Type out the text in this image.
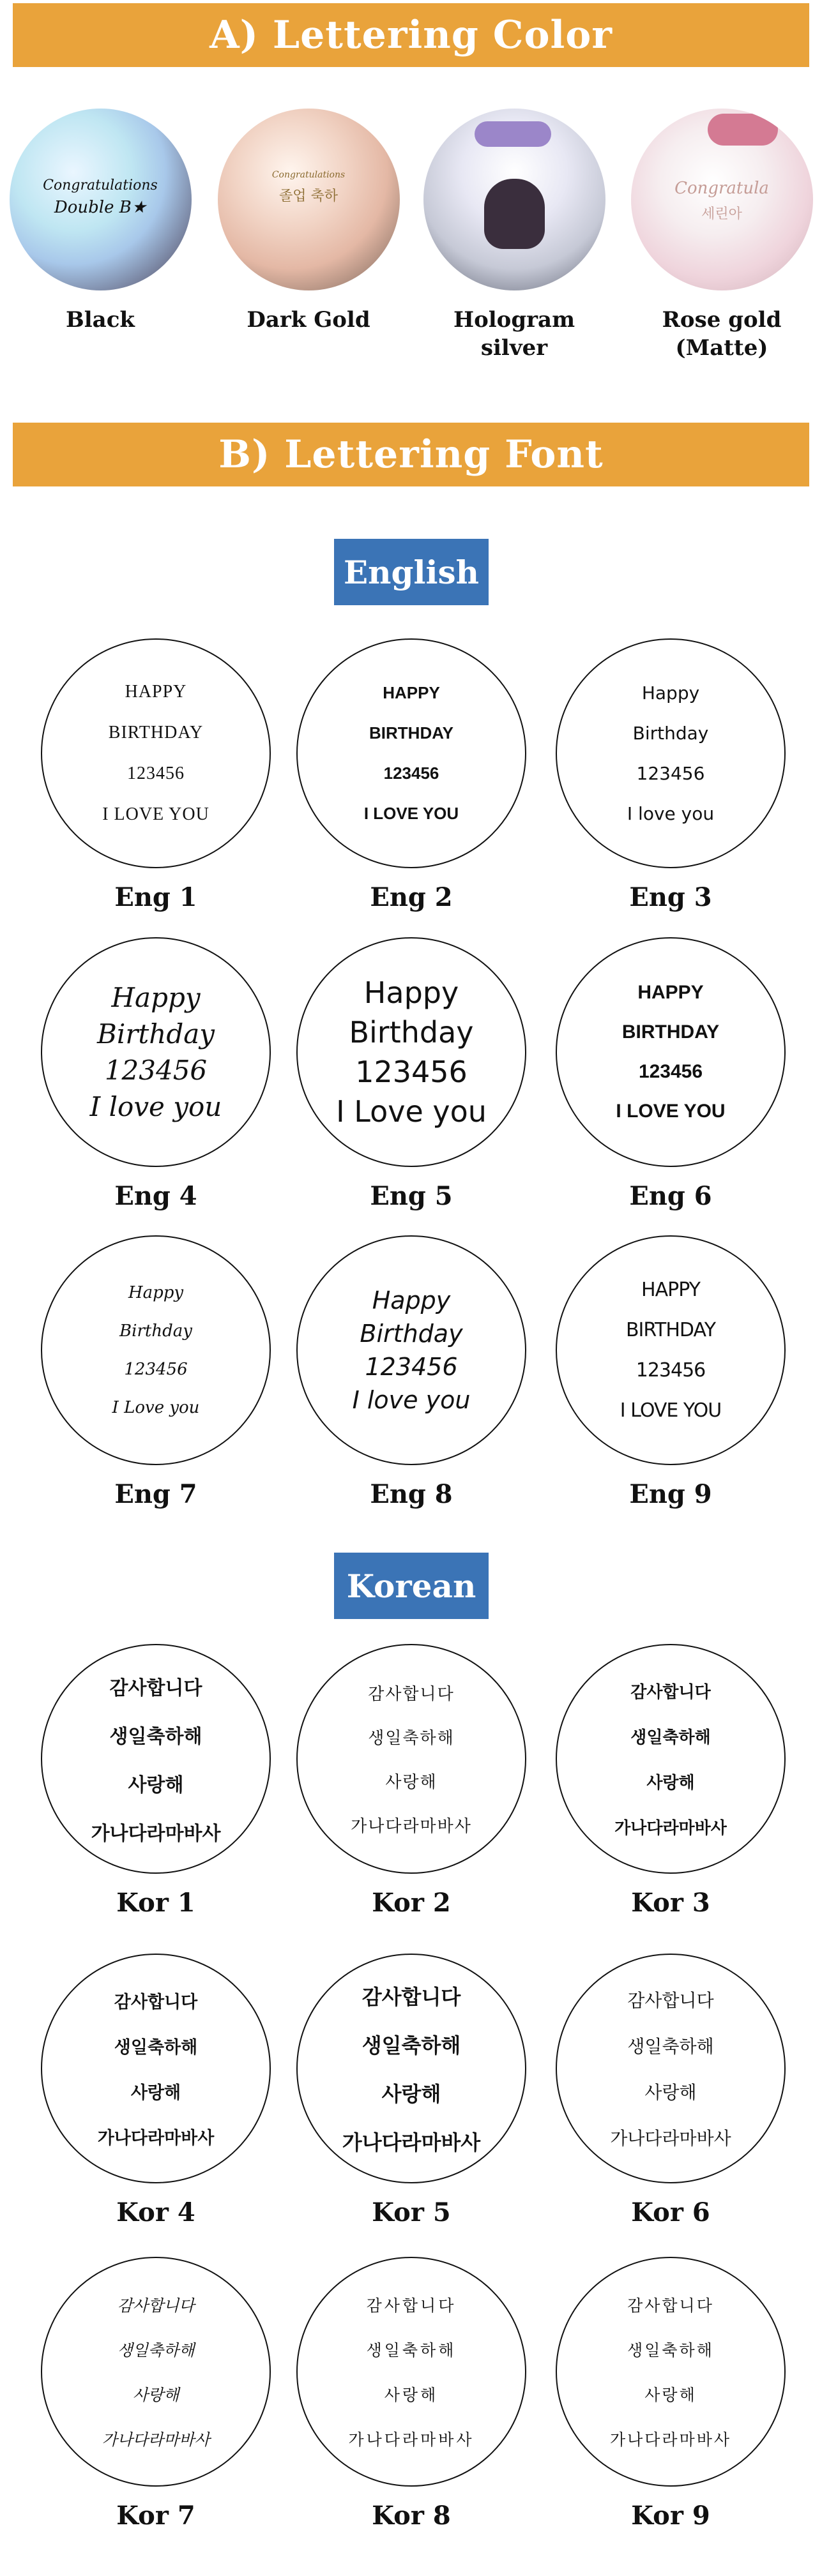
A) Lettering Color
Congratulations
Double B★
Black
Congratulations
졸업 축하
Dark Gold	Hologram
silver
Congratula
세린아
Rose gold
(Matte)
B) Lettering Font
English
HAPPY
BIRTHDAY
123456
I LOVE YOU
Eng 1
HAPPY
BIRTHDAY
123456
I LOVE YOU
Eng 2
Happy
Birthday
123456
I love you
Eng 3
Happy
Birthday
123456
I love you
Eng 4
Happy
Birthday
123456
I Love you
Eng 5
HAPPY
BIRTHDAY
123456
I LOVE YOU
Eng 6
Happy
Birthday
123456
I Love you
Eng 7
Happy
Birthday
123456
I love you
Eng 8
HAPPY
BIRTHDAY
123456
I LOVE YOU
Eng 9
Korean
감사합니다
생일축하해
사랑해
가나다라마바사
Kor 1
감사합니다
생일축하해
사랑해
가나다라마바사
Kor 2
감사합니다
생일축하해
사랑해
가나다라마바사
Kor 3
감사합니다
생일축하해
사랑해
가나다라마바사
Kor 4
감사합니다
생일축하해
사랑해
가나다라마바사
Kor 5
감사합니다
생일축하해
사랑해
가나다라마바사
Kor 6
감사합니다
생일축하해
사랑해
가나다라마바사
Kor 7
감사합니다
생일축하해
사랑해
가나다라마바사
Kor 8
감사합니다
생일축하해
사랑해
가나다라마바사
Kor 9
